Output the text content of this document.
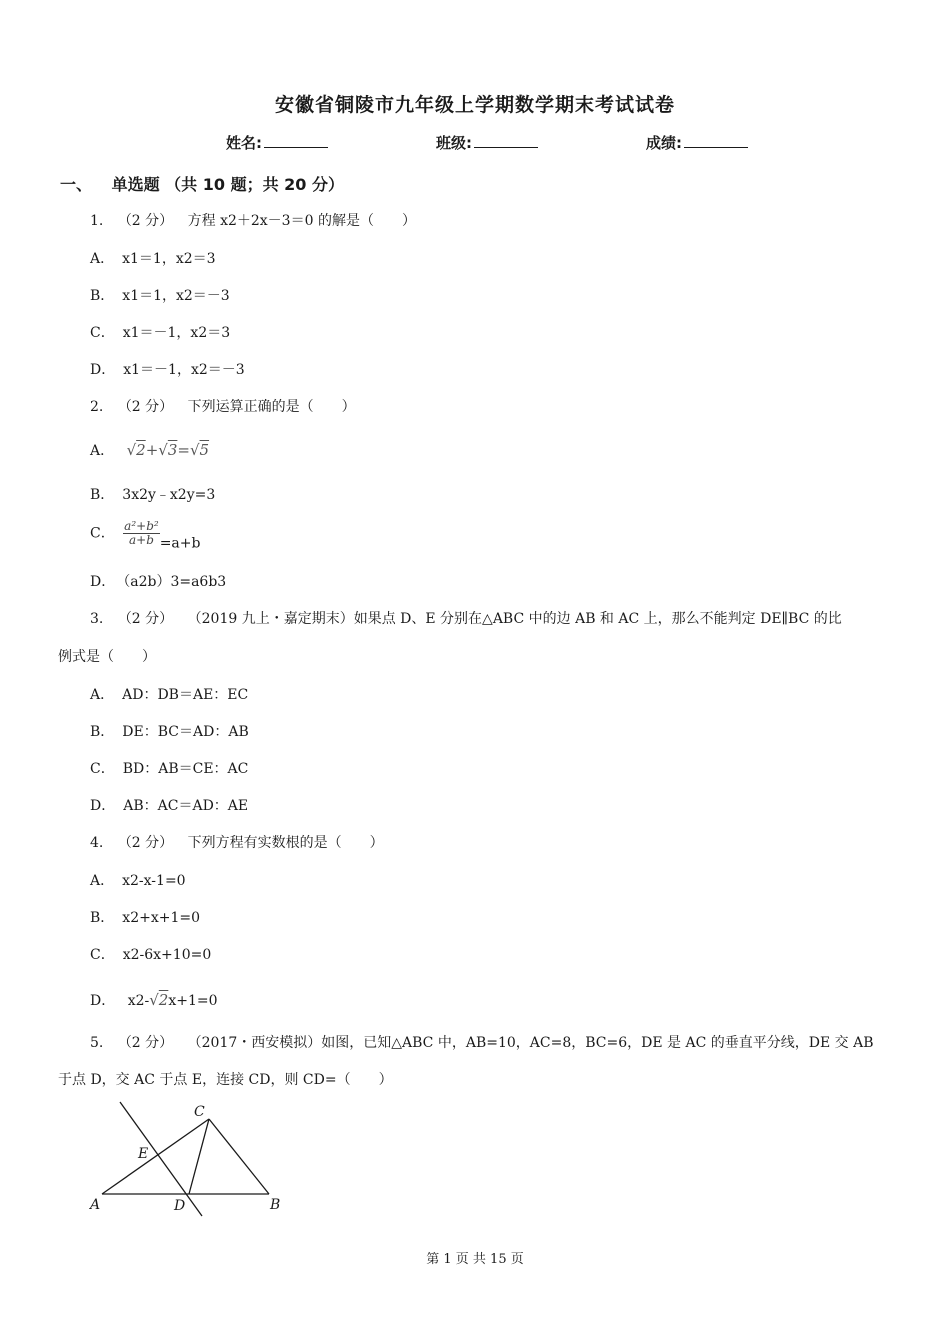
安徽省铜陵市九年级上学期数学期末考试试卷
姓名:	班级:	成绩:
一、 单选题 （共 10 题；共 20 分）
1. （2 分） 方程 x2＋2x－3＝0 的解是（　　）
A． x1＝1，x2＝3
B． x1＝1，x2＝－3
C． x1＝－1，x2＝3
D． x1＝－1，x2＝－3
2. （2 分） 下列运算正确的是（　　）
A． √2+√3=√5
B． 3x2y﹣x2y=3
C． $\frac{\text{a²+b²}}{a+b} =a+b$
D． （a2b）3=a6b3
3. （2 分） （2019 九上・嘉定期末）如果点 D、E 分别在△ABC 中的边 AB 和 AC 上，那么不能判定 DE∥BC 的比
例式是（　　）
A． AD：DB＝AE：EC
B． DE：BC＝AD：AB
C． BD：AB＝CE：AC
D． AB：AC＝AD：AE
4. （2 分） 下列方程有实数根的是（　　）
A． x2-x-1=0
B． x2+x+1=0
C． x2-6x+10=0
D． x2-√2x+1=0
5. （2 分） （2017・西安模拟）如图，已知△ABC 中，AB=10，AC=8，BC=6，DE 是 AC 的垂直平分线，DE 交 AB
于点 D，交 AC 于点 E，连接 CD，则 CD=（　　）
A	B
C
D
E
第 1 页 共 15 页
